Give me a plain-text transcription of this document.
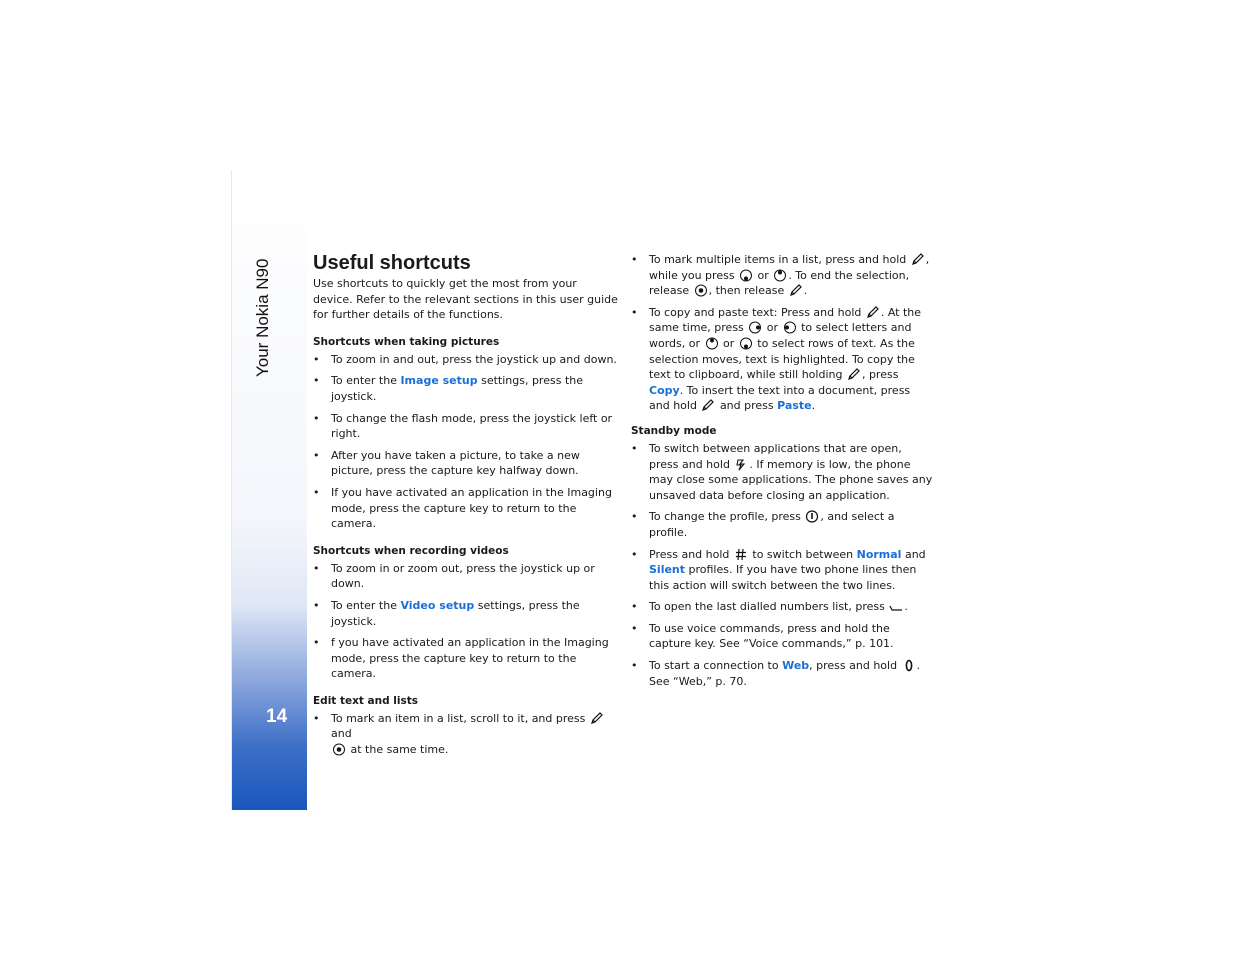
Your Nokia N90
14
Useful shortcuts

Use shortcuts to quickly get the most from your device. Refer to the relevant sections in this user guide for further details of the functions.

Shortcuts when taking pictures
• To zoom in and out, press the joystick up and down.
• To enter the Image setup settings, press the joystick.
• To change the flash mode, press the joystick left or right.
• After you have taken a picture, to take a new picture, press the capture key halfway down.
• If you have activated an application in the Imaging mode, press the capture key to return to the camera.
Shortcuts when recording videos
• To zoom in or zoom out, press the joystick up or down.
• To enter the Video setup settings, press the joystick.
• f you have activated an application in the Imaging mode, press the capture key to return to the camera.
Edit text and lists
• To mark an item in a list, scroll to it, and press
and

at the same time.
• To mark multiple items in a list, press and hold , while you press or . To end the selection, release , then release .
• To copy and paste text: Press and hold . At the same time, press or to select letters and words, or or to select rows of text. As the selection moves, text is highlighted. To copy the text to clipboard, while still holding , press Copy. To insert the text into a document, press and hold and press Paste.
Standby mode
• To switch between applications that are open, press and hold . If memory is low, the phone may close some applications. The phone saves any unsaved data before closing an application.
• To change the profile, press , and select a profile.
• Press and hold to switch between Normal and Silent profiles. If you have two phone lines then this action will switch between the two lines.
• To open the last dialled numbers list, press .
• To use voice commands, press and hold the capture key. See “Voice commands,” p. 101.
• To start a connection to Web, press and hold . See “Web,” p. 70.
